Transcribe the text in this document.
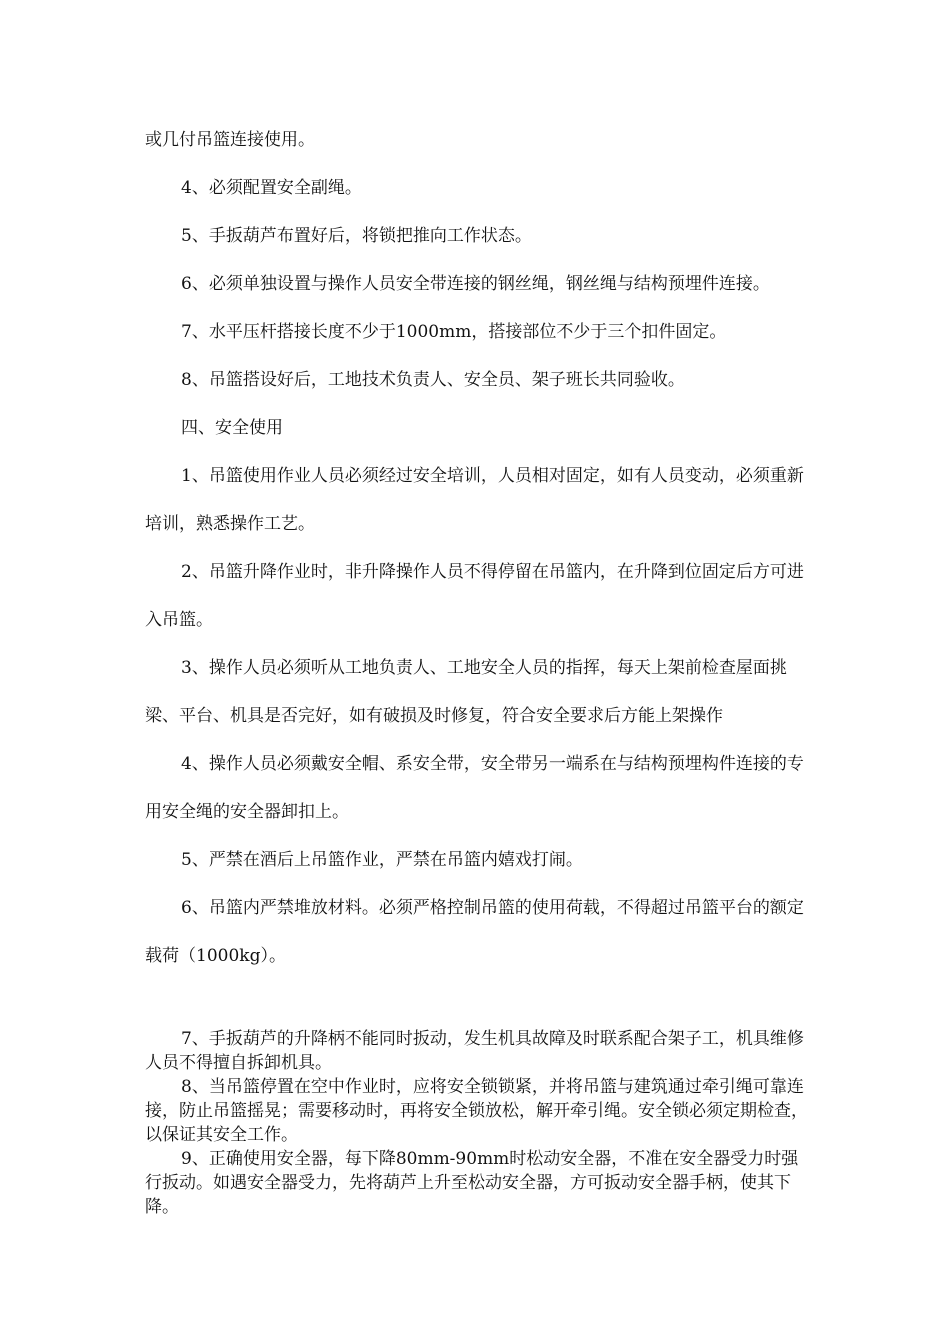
或几付吊篮连接使用。

4、必须配置安全副绳。

5、手扳葫芦布置好后，将锁把推向工作状态。

6、必须单独设置与操作人员安全带连接的钢丝绳，钢丝绳与结构预埋件连接。

7、水平压杆搭接长度不少于1000mm，搭接部位不少于三个扣件固定。

8、吊篮搭设好后，工地技术负责人、安全员、架子班长共同验收。

四、安全使用

1、吊篮使用作业人员必须经过安全培训，人员相对固定，如有人员变动，必须重新培训，熟悉操作工艺。

2、吊篮升降作业时，非升降操作人员不得停留在吊篮内，在升降到位固定后方可进入吊篮。

3、操作人员必须听从工地负责人、工地安全人员的指挥，每天上架前检查屋面挑梁、平台、机具是否完好，如有破损及时修复，符合安全要求后方能上架操作

4、操作人员必须戴安全帽、系安全带，安全带另一端系在与结构预埋构件连接的专用安全绳的安全器卸扣上。

5、严禁在酒后上吊篮作业，严禁在吊篮内嬉戏打闹。

6、吊篮内严禁堆放材料。必须严格控制吊篮的使用荷载，不得超过吊篮平台的额定载荷（1000kg）。

7、手扳葫芦的升降柄不能同时扳动，发生机具故障及时联系配合架子工，机具维修人员不得擅自拆卸机具。

8、当吊篮停置在空中作业时，应将安全锁锁紧，并将吊篮与建筑通过牵引绳可靠连接，防止吊篮摇晃；需要移动时，再将安全锁放松，解开牵引绳。安全锁必须定期检查，以保证其安全工作。

9、正确使用安全器，每下降80mm-90mm时松动安全器，不准在安全器受力时强行扳动。如遇安全器受力，先将葫芦上升至松动安全器，方可扳动安全器手柄，使其下降。
